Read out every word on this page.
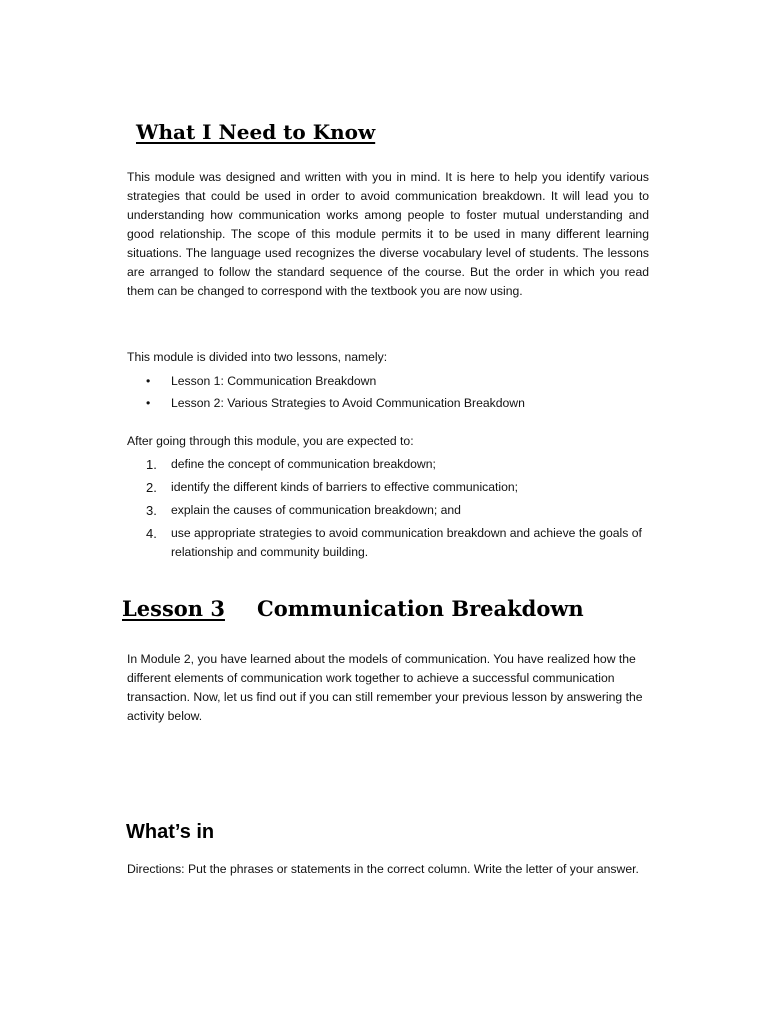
What I Need to Know

This module was designed and written with you in mind. It is here to help you identify various strategies that could be used in order to avoid communication breakdown. It will lead you to understanding how communication works among people to foster mutual understanding and good relationship. The scope of this module permits it to be used in many different learning situations. The language used recognizes the diverse vocabulary level of students. The lessons are arranged to follow the standard sequence of the course. But the order in which you read them can be changed to correspond with the textbook you are now using.

This module is divided into two lessons, namely:

• Lesson 1: Communication Breakdown
• Lesson 2: Various Strategies to Avoid Communication Breakdown

After going through this module, you are expected to:

1. define the concept of communication breakdown;
2. identify the different kinds of barriers to effective communication;
3. explain the causes of communication breakdown; and
4. use appropriate strategies to avoid communication breakdown and achieve the goals of relationship and community building.
Lesson 3 Communication Breakdown

In Module 2, you have learned about the models of communication. You have realized how the different elements of communication work together to achieve a successful communication transaction. Now, let us find out if you can still remember your previous lesson by answering the activity below.

What’s in

Directions: Put the phrases or statements in the correct column. Write the letter of your answer.
